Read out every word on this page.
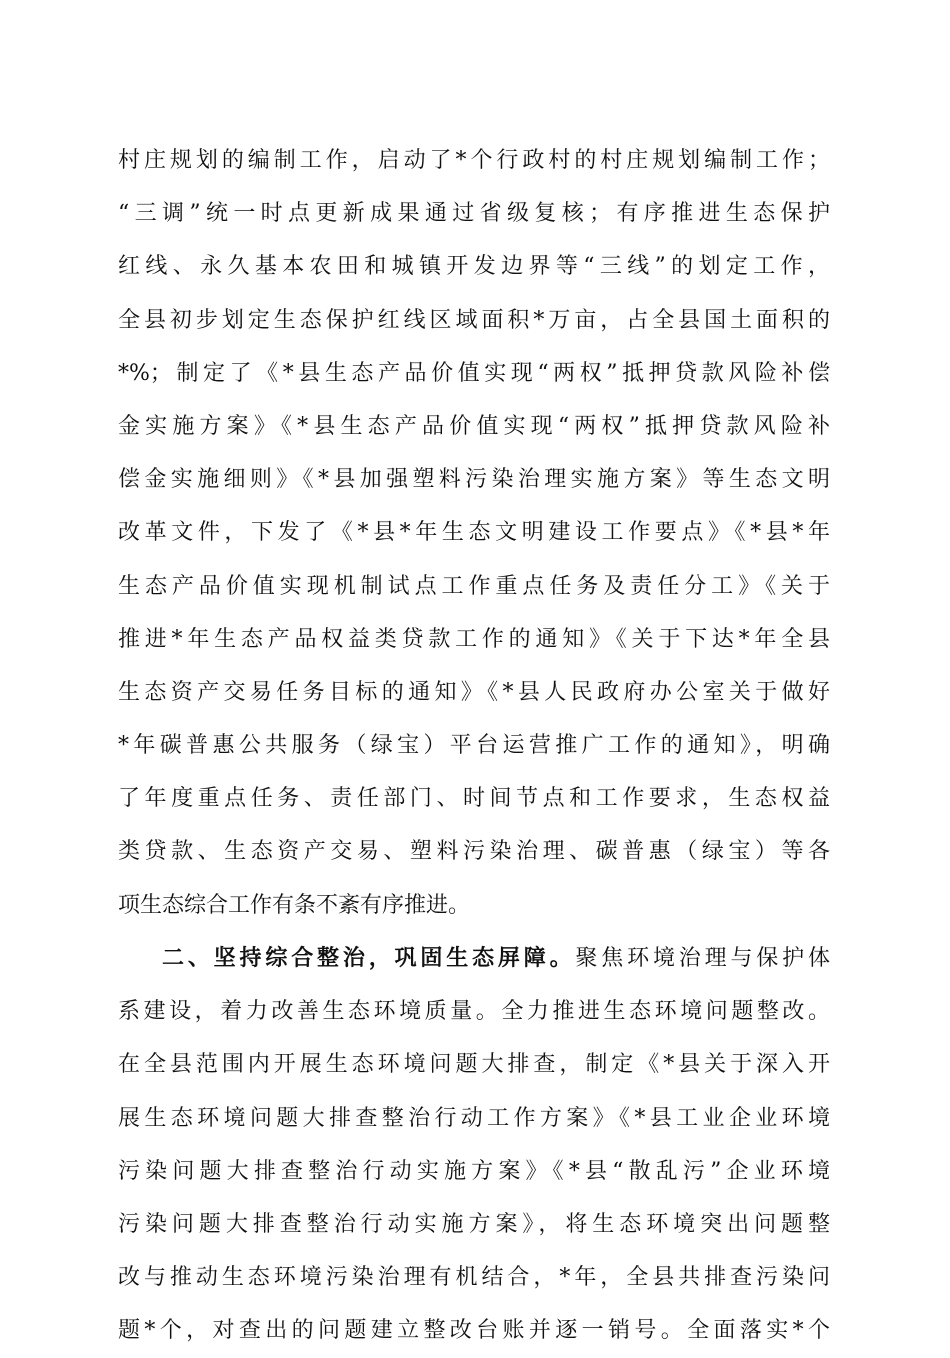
村庄规划的编制工作，启动了*个行政村的村庄规划编制工作；
“三调”统一时点更新成果通过省级复核；有序推进生态保护
红线、永久基本农田和城镇开发边界等“三线”的划定工作，
全县初步划定生态保护红线区域面积*万亩，占全县国土面积的
*%；制定了《*县生态产品价值实现“两权”抵押贷款风险补偿
金实施方案》《*县生态产品价值实现“两权”抵押贷款风险补
偿金实施细则》《*县加强塑料污染治理实施方案》等生态文明
改革文件，下发了《*县*年生态文明建设工作要点》《*县*年
生态产品价值实现机制试点工作重点任务及责任分工》《关于
推进*年生态产品权益类贷款工作的通知》《关于下达*年全县
生态资产交易任务目标的通知》《*县人民政府办公室关于做好
*年碳普惠公共服务（绿宝）平台运营推广工作的通知》，明确
了年度重点任务、责任部门、时间节点和工作要求，生态权益
类贷款、生态资产交易、塑料污染治理、碳普惠（绿宝）等各
项生态综合工作有条不紊有序推进。
二、坚持综合整治，巩固生态屏障。聚焦环境治理与保护体
系建设，着力改善生态环境质量。全力推进生态环境问题整改。
在全县范围内开展生态环境问题大排查，制定《*县关于深入开
展生态环境问题大排查整治行动工作方案》《*县工业企业环境
污染问题大排查整治行动实施方案》《*县“散乱污”企业环境
污染问题大排查整治行动实施方案》，将生态环境突出问题整
改与推动生态环境污染治理有机结合，*年，全县共排查污染问
题*个，对查出的问题建立整改台账并逐一销号。全面落实*个
